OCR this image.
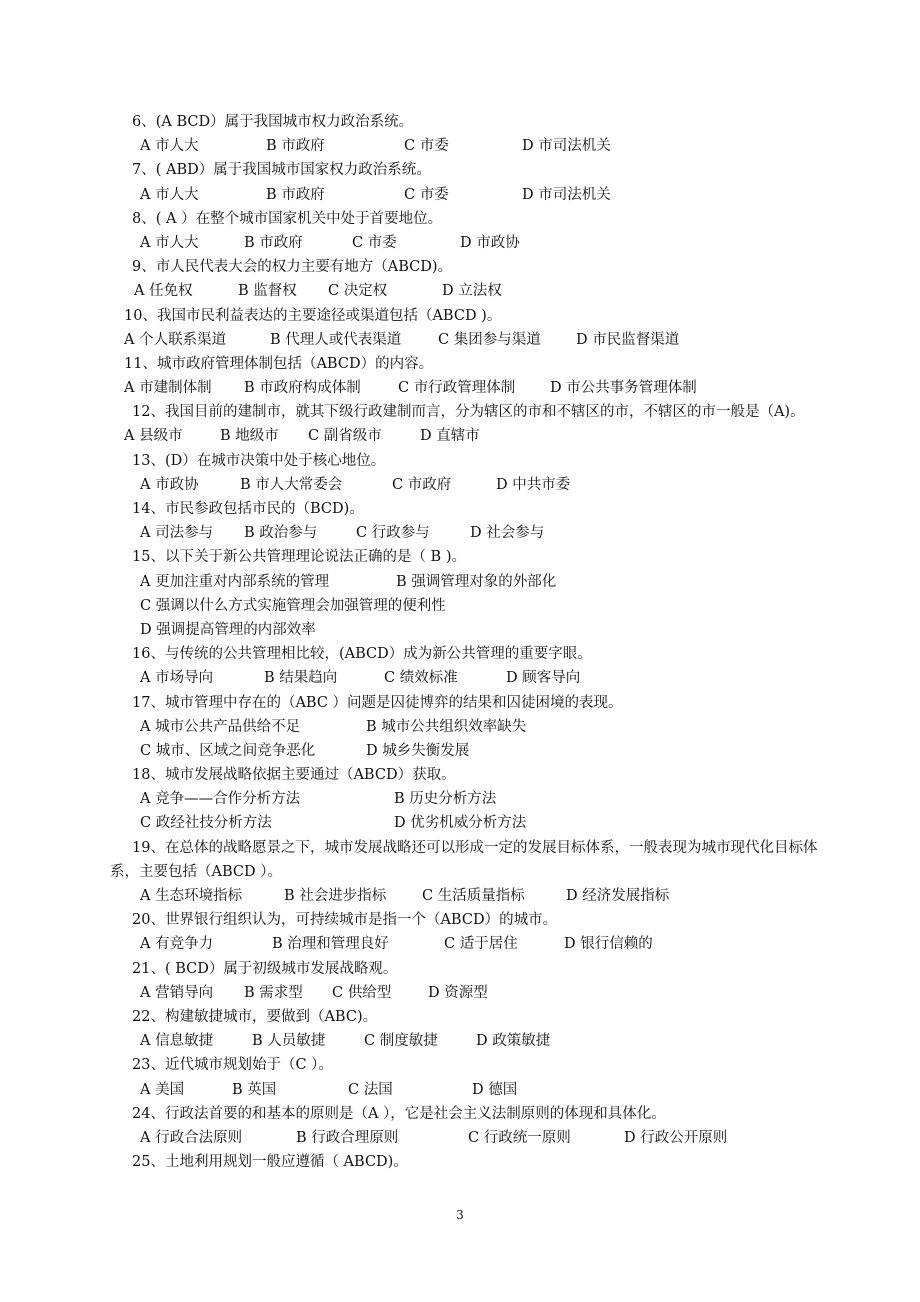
6、(A BCD）属于我国城市权力政治系统。
A 市人大	B 市政府	C 市委	D 市司法机关
7、( ABD）属于我国城市国家权力政治系统。
A 市人大	B 市政府	C 市委	D 市司法机关
8、( A ）在整个城市国家机关中处于首要地位。
A 市人大	B 市政府	C 市委	D 市政协
9、市人民代表大会的权力主要有地方（ABCD)。
A 任免权	B 监督权	C 决定权	D 立法权
10、我国市民利益表达的主要途径或渠道包括（ABCD )。
A 个人联系渠道	B 代理人或代表渠道	C 集团参与渠道	D 市民监督渠道
11、城市政府管理体制包括（ABCD）的内容。
A 市建制体制	B 市政府构成体制	C 市行政管理体制	D 市公共事务管理体制
12、我国目前的建制市，就其下级行政建制而言，分为辖区的市和不辖区的市，不辖区的市一般是（A)。
A 县级市	B 地级市	C 副省级市	D 直辖市
13、(D）在城市决策中处于核心地位。
A 市政协	B 市人大常委会	C 市政府	D 中共市委
14、市民参政包括市民的（BCD)。
A 司法参与	B 政治参与	C 行政参与	D 社会参与
15、以下关于新公共管理理论说法正确的是（ B )。
A 更加注重对内部系统的管理	B 强调管理对象的外部化
C 强调以什么方式实施管理会加强管理的便利性
D 强调提高管理的内部效率
16、与传统的公共管理相比较，(ABCD）成为新公共管理的重要字眼。
A 市场导向	B 结果趋向	C 绩效标准	D 顾客导向
17、城市管理中存在的（ABC ）问题是囚徒博弈的结果和囚徒困境的表现。
A 城市公共产品供给不足	B 城市公共组织效率缺失
C 城市、区域之间竞争恶化	D 城乡失衡发展
18、城市发展战略依据主要通过（ABCD）获取。
A 竞争——合作分析方法	B 历史分析方法
C 政经社技分析方法	D 优劣机威分析方法
19、在总体的战略愿景之下，城市发展战略还可以形成一定的发展目标体系，一般表现为城市现代化目标体系，主要包括（ABCD ）。
A 生态环境指标	B 社会进步指标	C 生活质量指标	D 经济发展指标
20、世界银行组织认为，可持续城市是指一个（ABCD）的城市。
A 有竞争力	B 治理和管理良好	C 适于居住	D 银行信赖的
21、( BCD）属于初级城市发展战略观。
A 营销导向	B 需求型	C 供给型	D 资源型
22、构建敏捷城市，要做到（ABC)。
A 信息敏捷	B 人员敏捷	C 制度敏捷	D 政策敏捷
23、近代城市规划始于（C ）。
A 美国	B 英国	C 法国	D 德国
24、行政法首要的和基本的原则是（A ），它是社会主义法制原则的体现和具体化。
A 行政合法原则	B 行政合理原则	C 行政统一原则	D 行政公开原则
25、土地利用规划一般应遵循（ ABCD)。
3
